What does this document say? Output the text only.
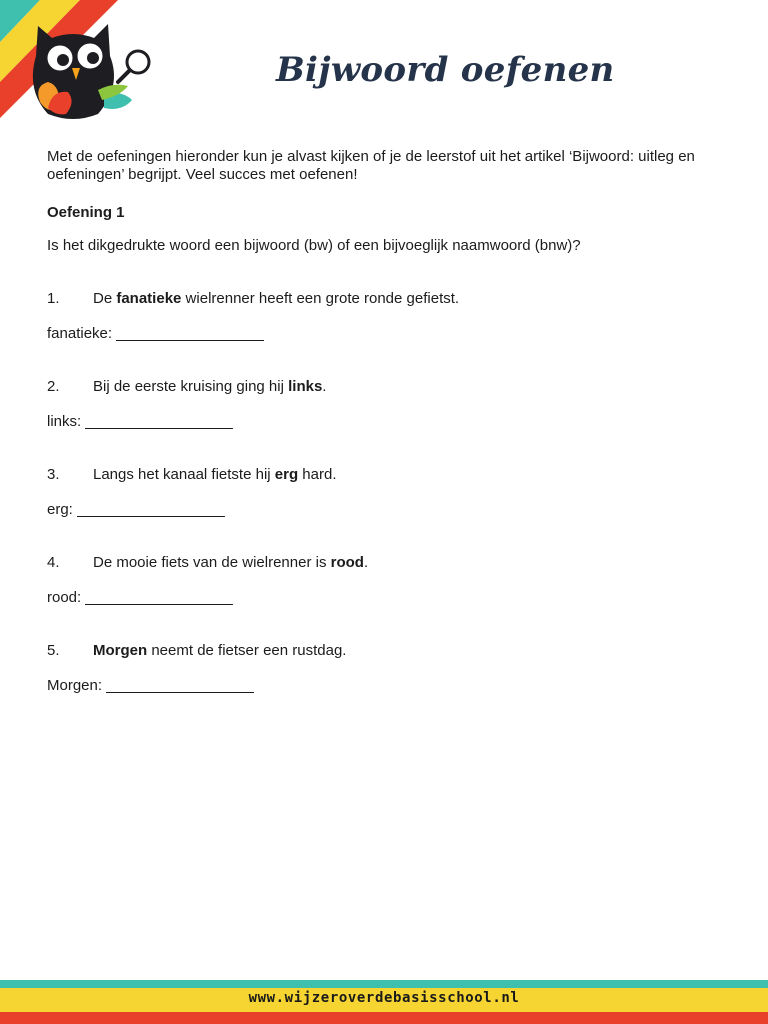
Bijwoord oefenen

Met de oefeningen hieronder kun je alvast kijken of je de leerstof uit het artikel ‘Bijwoord: uitleg en oefeningen’ begrijpt. Veel succes met oefenen!

Oefening 1

Is het dikgedrukte woord een bijwoord (bw) of een bijvoeglijk naamwoord (bnw)?

1.	De fanatieke wielrenner heeft een grote ronde gefietst.

fanatieke:

2.	Bij de eerste kruising ging hij links.

links:

3.	Langs het kanaal fietste hij erg hard.

erg:

4.	De mooie fiets van de wielrenner is rood.

rood:

5.	Morgen neemt de fietser een rustdag.

Morgen:

www.wijzeroverdebasisschool.nl
